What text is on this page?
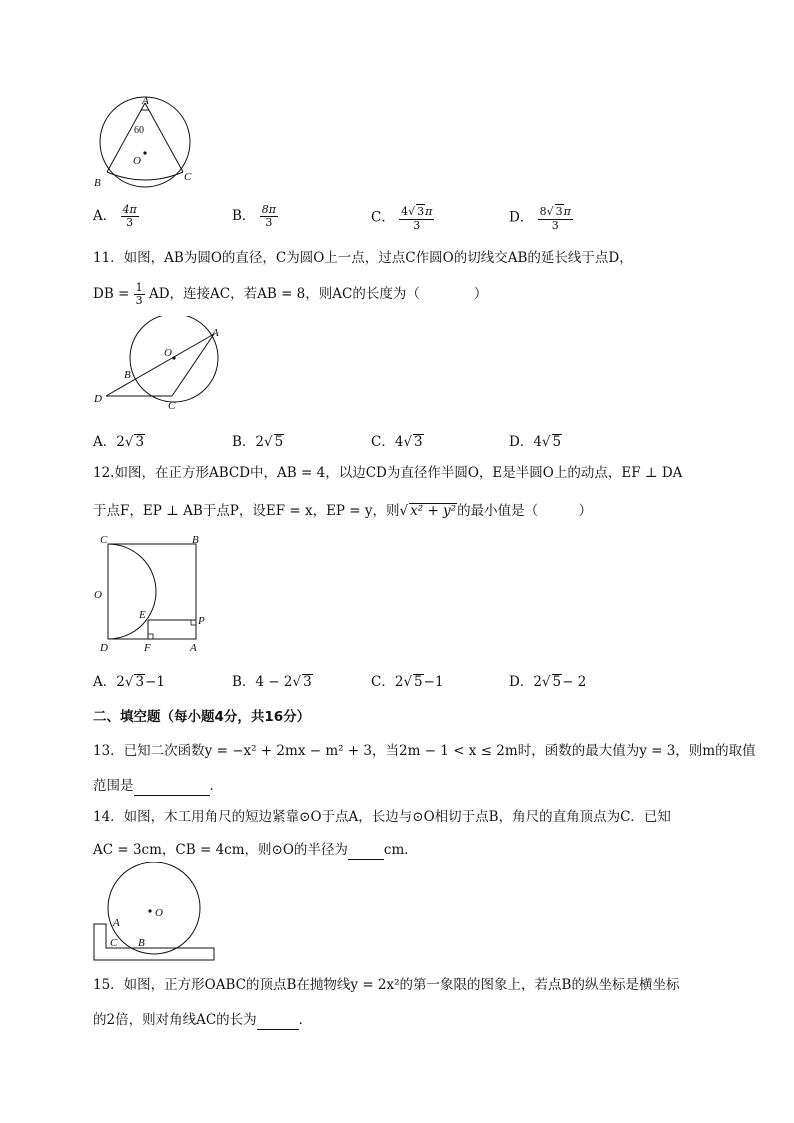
A
B	C
O
60
A． $\frac{4\pi}{3}$	B． $\frac{8\pi}{3}$	C． $\frac{4√ 3\pi}{3}$	D． $\frac{8√ 3\pi}{3}$
11．如图，AB为圆O的直径，C为圆O上一点，过点C作圆O的切线交AB的延长线于点D，
DB = $\frac{1}{3}$ AD，连接AC，若AB = 8，则AC的长度为（　　　　）
A
O
B
D
C
A．2√ 3	B．2√ 5	C．4√ 3	D．4√ 5
12.如图，在正方形ABCD中，AB = 4，以边CD为直径作半圆O，E是半圆O上的动点，EF ⊥ DA
于点F，EP ⊥ AB于点P，设EF = x，EP = y，则√ x² + y²的最小值是（　　　）
C	B
O
E	P
D	F	A
A．2√ 3−1	B．4 − 2√ 3	C．2√ 5−1	D．2√ 5− 2
二、填空题（每小题4分，共16分）
13．已知二次函数y = −x² + 2mx − m² + 3，当2m − 1 < x ≤ 2m时，函数的最大值为y = 3，则m的取值
范围是	．
14．如图，木工用角尺的短边紧靠⊙O于点A，长边与⊙O相切于点B，角尺的直角顶点为C．已知
AC = 3cm，CB = 4cm，则⊙O的半径为	cm．
O
A
C B
15．如图，正方形OABC的顶点B在抛物线y = 2x²的第一象限的图象上，若点B的纵坐标是横坐标
的2倍，则对角线AC的长为	．
